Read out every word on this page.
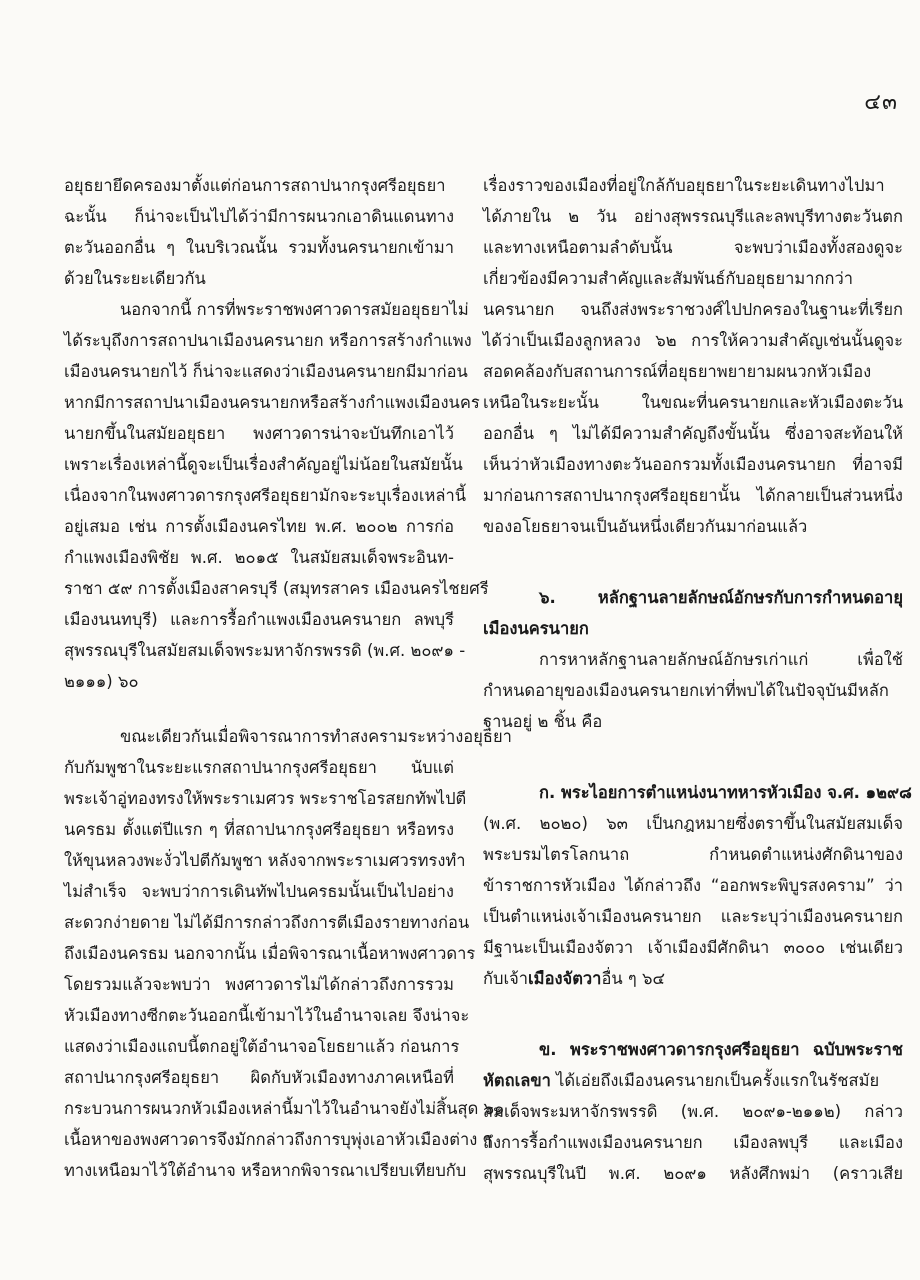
๔๓
อยุธยายึดครองมาตั้งแต่ก่อนการสถาปนากรุงศรีอยุธยา
ฉะนั้น ก็น่าจะเป็นไปได้ว่ามีการผนวกเอาดินแดนทาง
ตะวันออกอื่น ๆ ในบริเวณนั้น รวมทั้งนครนายกเข้ามา
ด้วยในระยะเดียวกัน
นอกจากนี้ การที่พระราชพงศาวดารสมัยอยุธยาไม่
ได้ระบุถึงการสถาปนาเมืองนครนายก หรือการสร้างกำแพง
เมืองนครนายกไว้ ก็น่าจะแสดงว่าเมืองนครนายกมีมาก่อน
หากมีการสถาปนาเมืองนครนายกหรือสร้างกำแพงเมืองนคร
นายกขึ้นในสมัยอยุธยา พงศาวดารน่าจะบันทึกเอาไว้
เพราะเรื่องเหล่านี้ดูจะเป็นเรื่องสำคัญอยู่ไม่น้อยในสมัยนั้น
เนื่องจากในพงศาวดารกรุงศรีอยุธยามักจะระบุเรื่องเหล่านี้
อยู่เสมอ เช่น การตั้งเมืองนครไทย พ.ศ. ๒๐๐๒ การก่อ
กำแพงเมืองพิชัย พ.ศ. ๒๐๑๕ ในสมัยสมเด็จพระอินท-
ราชา ๕๙ การตั้งเมืองสาครบุรี (สมุทรสาคร เมืองนครไชยศรี
เมืองนนทบุรี) และการรื้อกำแพงเมืองนครนายก ลพบุรี
สุพรรณบุรีในสมัยสมเด็จพระมหาจักรพรรดิ (พ.ศ. ๒๐๙๑ -
๒๑๑๑) ๖๐
ขณะเดียวกันเมื่อพิจารณาการทำสงครามระหว่างอยุธยา
กับกัมพูชาในระยะแรกสถาปนากรุงศรีอยุธยา นับแต่
พระเจ้าอู่ทองทรงให้พระราเมศวร พระราชโอรสยกทัพไปตี
นครธม ตั้งแต่ปีแรก ๆ ที่สถาปนากรุงศรีอยุธยา หรือทรง
ให้ขุนหลวงพะงั่วไปตีกัมพูชา หลังจากพระราเมศวรทรงทำ
ไม่สำเร็จ จะพบว่าการเดินทัพไปนครธมนั้นเป็นไปอย่าง
สะดวกง่ายดาย ไม่ได้มีการกล่าวถึงการตีเมืองรายทางก่อน
ถึงเมืองนครธม นอกจากนั้น เมื่อพิจารณาเนื้อหาพงศาวดาร
โดยรวมแล้วจะพบว่า พงศาวดารไม่ได้กล่าวถึงการรวม
หัวเมืองทางซีกตะวันออกนี้เข้ามาไว้ในอำนาจเลย จึงน่าจะ
แสดงว่าเมืองแถบนี้ตกอยู่ใต้อำนาจอโยธยาแล้ว ก่อนการ
สถาปนากรุงศรีอยุธยา ผิดกับหัวเมืองทางภาคเหนือที่
กระบวนการผนวกหัวเมืองเหล่านี้มาไว้ในอำนาจยังไม่สิ้นสุด ๖๑
เนื้อหาของพงศาวดารจึงมักกล่าวถึงการบุพุ่งเอาหัวเมืองต่าง ๆ
ทางเหนือมาไว้ใต้อำนาจ หรือหากพิจารณาเปรียบเทียบกับ
เรื่องราวของเมืองที่อยู่ใกล้กับอยุธยาในระยะเดินทางไปมา
ได้ภายใน ๒ วัน อย่างสุพรรณบุรีและลพบุรีทางตะวันตก
และทางเหนือตามลำดับนั้น จะพบว่าเมืองทั้งสองดูจะ
เกี่ยวข้องมีความสำคัญและสัมพันธ์กับอยุธยามากกว่า
นครนายก จนถึงส่งพระราชวงศ์ไปปกครองในฐานะที่เรียก
ได้ว่าเป็นเมืองลูกหลวง ๖๒ การให้ความสำคัญเช่นนั้นดูจะ
สอดคล้องกับสถานการณ์ที่อยุธยาพยายามผนวกหัวเมือง
เหนือในระยะนั้น ในขณะที่นครนายกและหัวเมืองตะวัน
ออกอื่น ๆ ไม่ได้มีความสำคัญถึงขั้นนั้น ซึ่งอาจสะท้อนให้
เห็นว่าหัวเมืองทางตะวันออกรวมทั้งเมืองนครนายก ที่อาจมี
มาก่อนการสถาปนากรุงศรีอยุธยานั้น ได้กลายเป็นส่วนหนึ่ง
ของอโยธยาจนเป็นอันหนึ่งเดียวกันมาก่อนแล้ว
๖. หลักฐานลายลักษณ์อักษรกับการกำหนดอายุ
เมืองนครนายก
การหาหลักฐานลายลักษณ์อักษรเก่าแก่ เพื่อใช้
กำหนดอายุของเมืองนครนายกเท่าที่พบได้ในปัจจุบันมีหลัก
ฐานอยู่ ๒ ชิ้น คือ
ก. พระไอยการตำแหน่งนาทหารหัวเมือง จ.ศ. ๑๒๙๘
(พ.ศ. ๒๐๒๐) ๖๓ เป็นกฎหมายซึ่งตราขึ้นในสมัยสมเด็จ
พระบรมไตรโลกนาถ กำหนดตำแหน่งศักดินาของ
ข้าราชการหัวเมือง ได้กล่าวถึง “ออกพระพิบูรสงคราม” ว่า
เป็นตำแหน่งเจ้าเมืองนครนายก และระบุว่าเมืองนครนายก
มีฐานะเป็นเมืองจัตวา เจ้าเมืองมีศักดินา ๓๐๐๐ เช่นเดียว
กับเจ้าเมืองจัตวาอื่น ๆ ๖๔
ข. พระราชพงศาวดารกรุงศรีอยุธยา ฉบับพระราช
หัตถเลขา ได้เอ่ยถึงเมืองนครนายกเป็นครั้งแรกในรัชสมัย
สมเด็จพระมหาจักรพรรดิ (พ.ศ. ๒๐๙๑-๒๑๑๒) กล่าว
ถึงการรื้อกำแพงเมืองนครนายก เมืองลพบุรี และเมือง
สุพรรณบุรีในปี พ.ศ. ๒๐๙๑ หลังศึกพม่า (คราวเสีย
